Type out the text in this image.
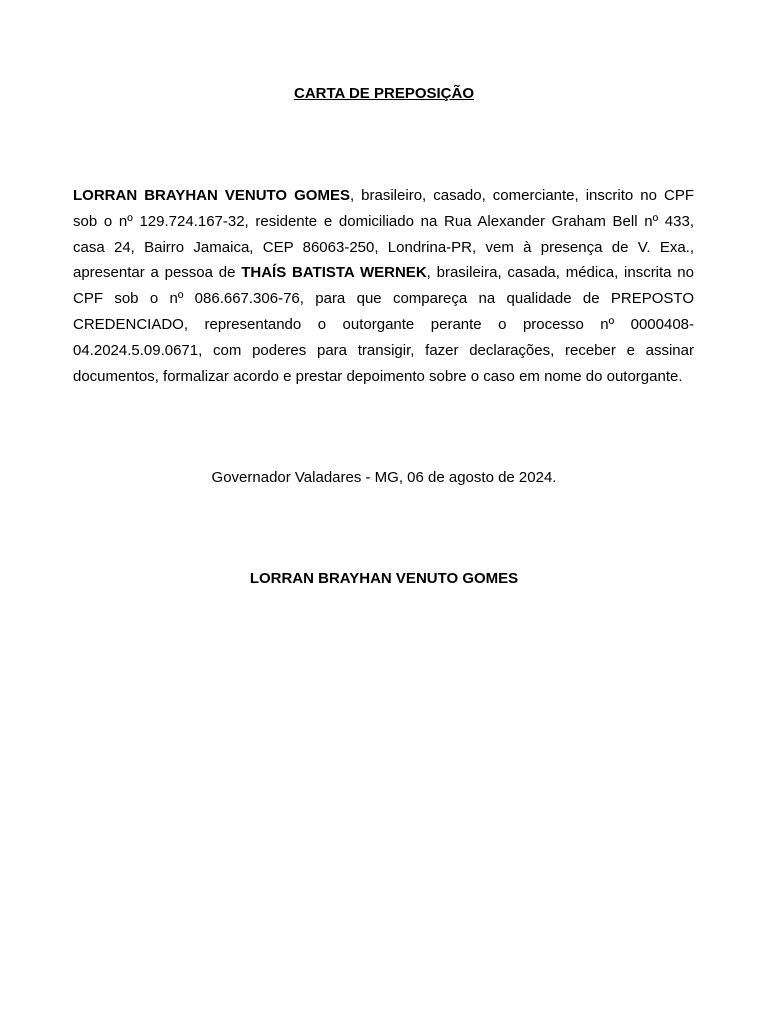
CARTA DE PREPOSIÇÃO

LORRAN BRAYHAN VENUTO GOMES, brasileiro, casado, comerciante, inscrito no CPF sob o nº 129.724.167-32, residente e domiciliado na Rua Alexander Graham Bell nº 433, casa 24, Bairro Jamaica, CEP 86063-250, Londrina-PR, vem à presença de V. Exa., apresentar a pessoa de THAÍS BATISTA WERNEK, brasileira, casada, médica, inscrita no CPF sob o nº 086.667.306-76, para que compareça na qualidade de PREPOSTO CREDENCIADO, representando o outorgante perante o processo nº 0000408-04.2024.5.09.0671, com poderes para transigir, fazer declarações, receber e assinar documentos, formalizar acordo e prestar depoimento sobre o caso em nome do outorgante.

Governador Valadares - MG, 06 de agosto de 2024.
LORRAN BRAYHAN VENUTO GOMES
